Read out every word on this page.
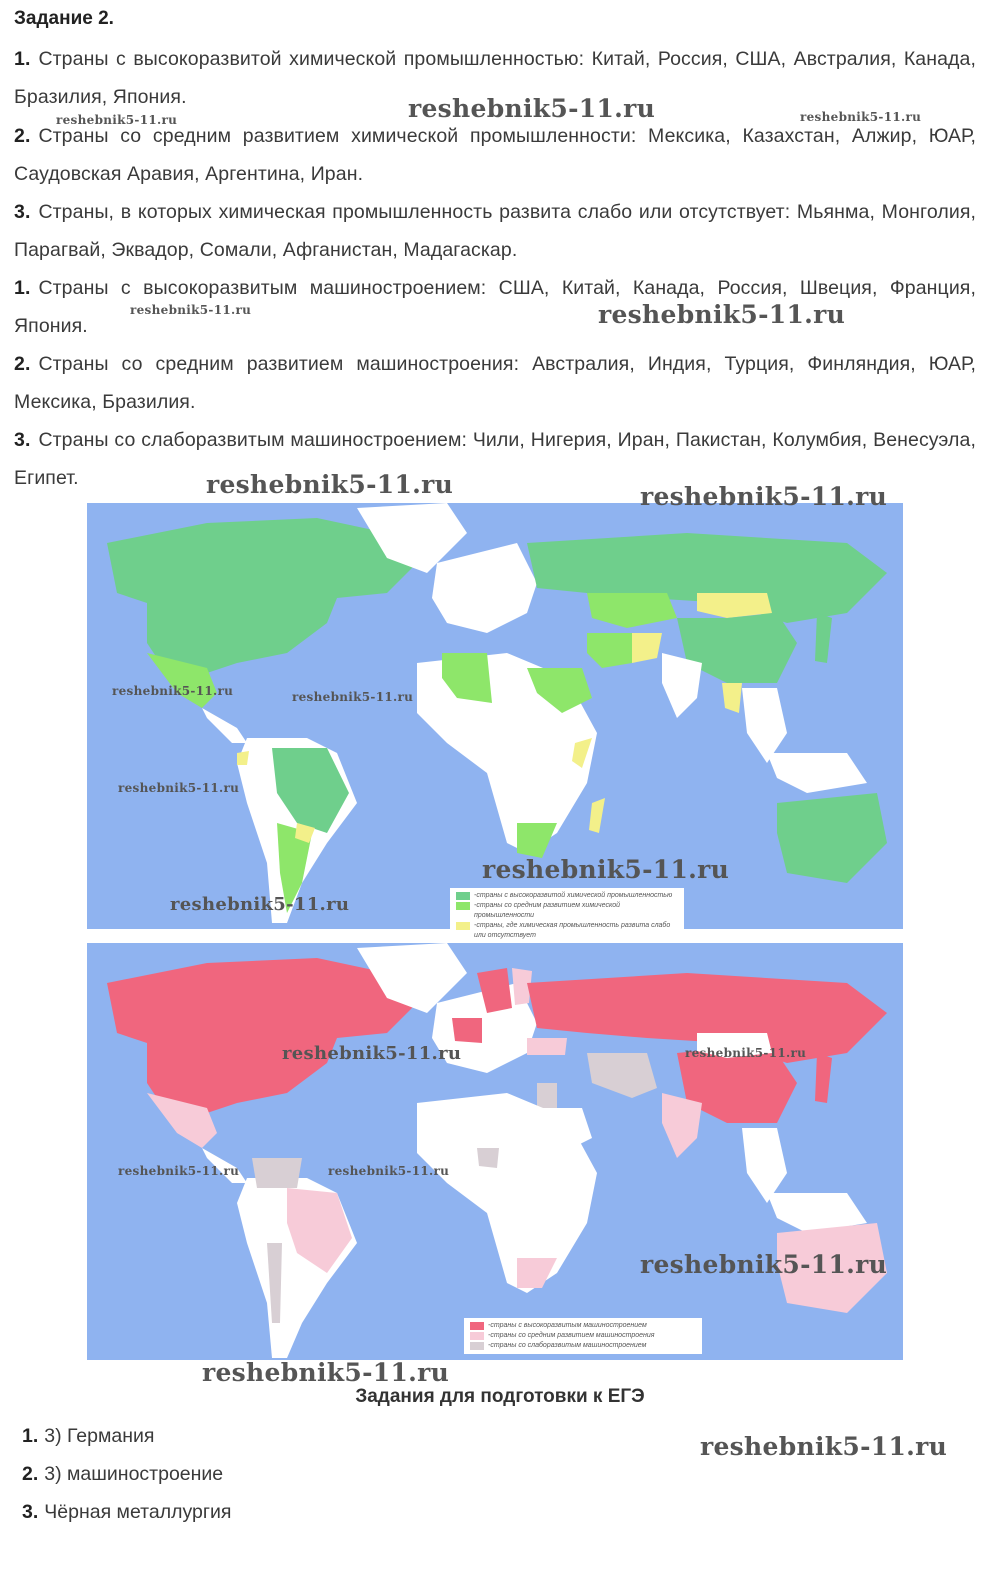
Задание 2.
1. Страны с высокоразвитой химической промышленностью: Китай, Россия, США, Австралия, Канада, Бразилия, Япония.
2. Страны со средним развитием химической промышленности: Мексика, Казахстан, Алжир, ЮАР, Саудовская Аравия, Аргентина, Иран.
3. Страны, в которых химическая промышленность развита слабо или отсутствует: Мьянма, Монголия, Парагвай, Эквадор, Сомали, Афганистан, Мадагаскар.
1. Страны с высокоразвитым машиностроением: США, Китай, Канада, Россия, Швеция, Франция, Япония.
2. Страны со средним развитием машиностроения: Австралия, Индия, Турция, Финляндия, ЮАР, Мексика, Бразилия.
3. Страны со слаборазвитым машиностроением: Чили, Нигерия, Иран, Пакистан, Колумбия, Венесуэла, Египет.
-страны с высокоразвитой химической промышленностью
-страны со средним развитием химической промышленности
-страны, где химическая промышленность развита слабо или отсутствует
-страны с высокоразвитым машиностроением
-страны со средним развитием машиностроения
-страны со слаборазвитым машиностроением
Задания для подготовки к ЕГЭ
1. 3) Германия
2. 3) машиностроение
3. Чёрная металлургия
reshebnik5-11.ru
reshebnik5-11.ru	reshebnik5-11.ru
reshebnik5-11.ru	reshebnik5-11.ru
reshebnik5-11.ru	reshebnik5-11.ru
reshebnik5-11.ru	reshebnik5-11.ru
reshebnik5-11.ru
reshebnik5-11.ru
reshebnik5-11.ru
reshebnik5-11.ru	reshebnik5-11.ru
reshebnik5-11.ru	reshebnik5-11.ru
reshebnik5-11.ru
reshebnik5-11.ru
reshebnik5-11.ru
